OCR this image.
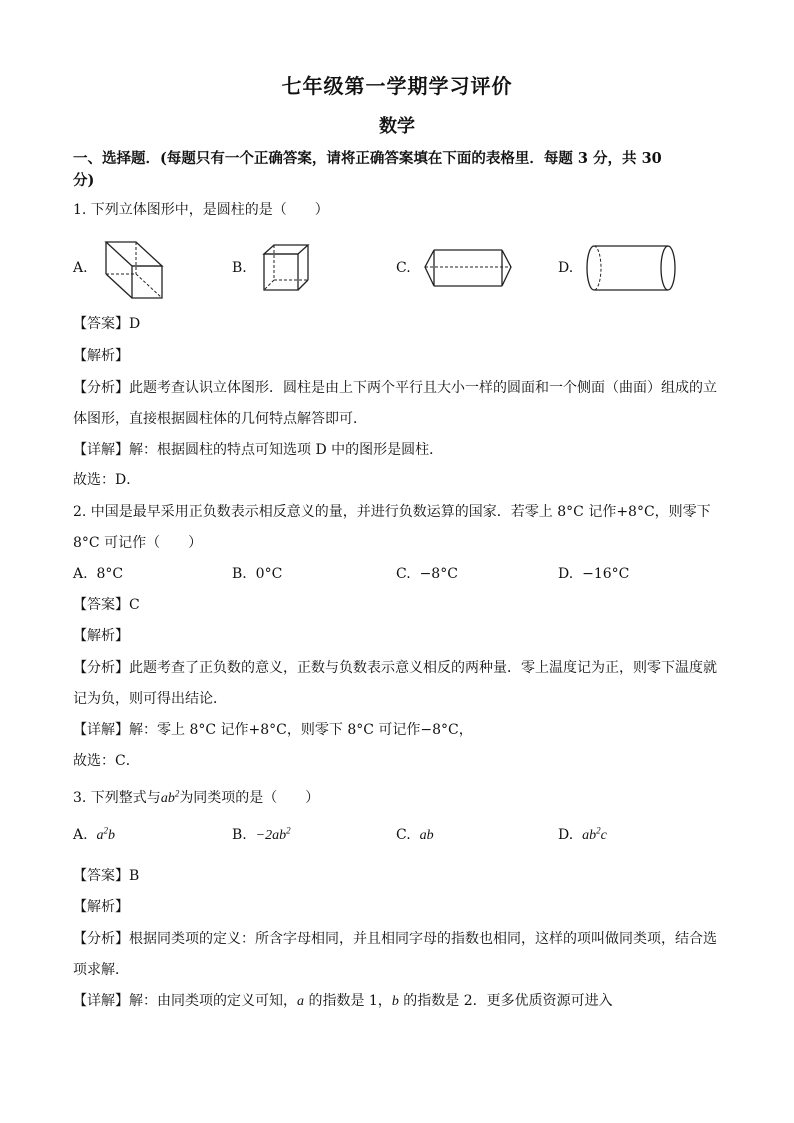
七年级第一学期学习评价
数学
一、选择题．(每题只有一个正确答案，请将正确答案填在下面的表格里．每题 3 分，共 30
分)
1. 下列立体图形中，是圆柱的是（　　）
A.	B.	C.	D.
【答案】D
【解析】
【分析】此题考查认识立体图形．圆柱是由上下两个平行且大小一样的圆面和一个侧面（曲面）组成的立
体图形，直接根据圆柱体的几何特点解答即可．
【详解】解：根据圆柱的特点可知选项 D 中的图形是圆柱．
故选：D．
2. 中国是最早采用正负数表示相反意义的量，并进行负数运算的国家．若零上 8°C 记作+8°C，则零下
8°C 可记作（　　）
A. 8°C	B. 0°C	C. −8°C	D. −16°C
【答案】C
【解析】
【分析】此题考查了正负数的意义，正数与负数表示意义相反的两种量．零上温度记为正，则零下温度就
记为负，则可得出结论．
【详解】解：零上 8°C 记作+8°C，则零下 8°C 可记作−8°C，
故选：C．
3. 下列整式与$ab^2$为同类项的是（　　）
A. $a^2b$	B. $-2ab^2$	C. ab	D. $ab^2c$
【答案】B
【解析】
【分析】根据同类项的定义：所含字母相同，并且相同字母的指数也相同，这样的项叫做同类项，结合选
项求解．
【详解】解：由同类项的定义可知，a 的指数是 1，b 的指数是 2．更多优质资源可进入
